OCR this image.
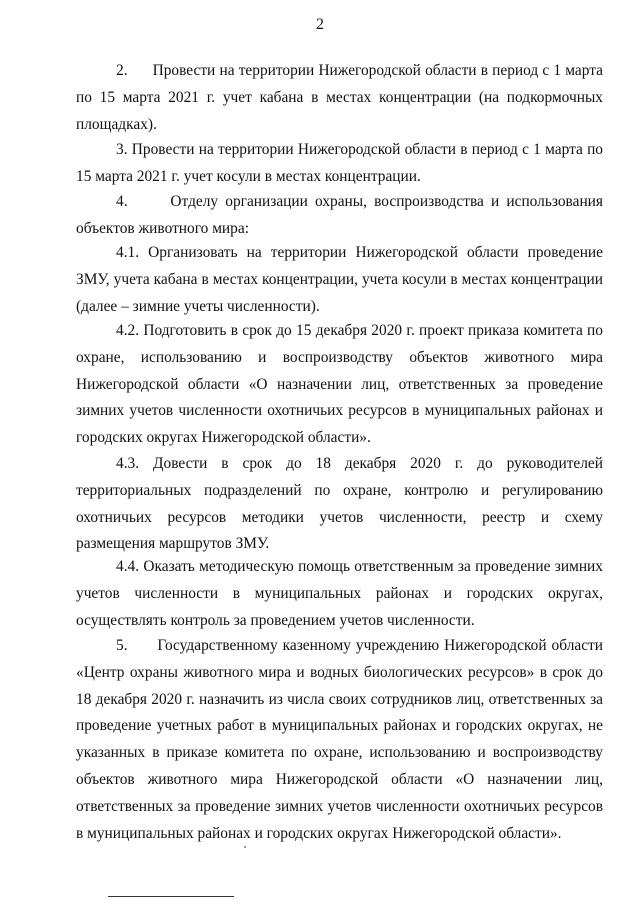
2

2.      Провести на территории Нижегородской области в период с 1 марта по 15 марта 2021 г. учет кабана в местах концентрации (на подкормочных площадках).

3. Провести на территории Нижегородской области в период с 1 марта по 15 марта 2021 г. учет косули в местах концентрации.

4.      Отделу организации охраны, воспроизводства и использования объектов животного мира:

4.1. Организовать на территории Нижегородской области проведение ЗМУ, учета кабана в местах концентрации, учета косули в местах концентрации (далее – зимние учеты численности).

4.2. Подготовить в срок до 15 декабря 2020 г. проект приказа комитета по охране, использованию и воспроизводству объектов животного мира Нижегородской области «О назначении лиц, ответственных за проведение зимних учетов численности охотничьих ресурсов в муниципальных районах и городских округах Нижегородской области».

4.3. Довести в срок до 18 декабря 2020 г. до руководителей территориальных подразделений по охране, контролю и регулированию охотничьих ресурсов методики учетов численности, реестр и схему размещения маршрутов ЗМУ.

4.4. Оказать методическую помощь ответственным за проведение зимних учетов численности в муниципальных районах и городских округах, осуществлять контроль за проведением учетов численности.

5.      Государственному казенному учреждению Нижегородской области «Центр охраны животного мира и водных биологических ресурсов» в срок до 18 декабря 2020 г. назначить из числа своих сотрудников лиц, ответственных за проведение учетных работ в муниципальных районах и городских округах, не указанных в приказе комитета по охране, использованию и воспроизводству объектов животного мира Нижегородской области «О назначении лиц, ответственных за проведение зимних учетов численности охотничьих ресурсов в муниципальных районах и городских округах Нижегородской области».
